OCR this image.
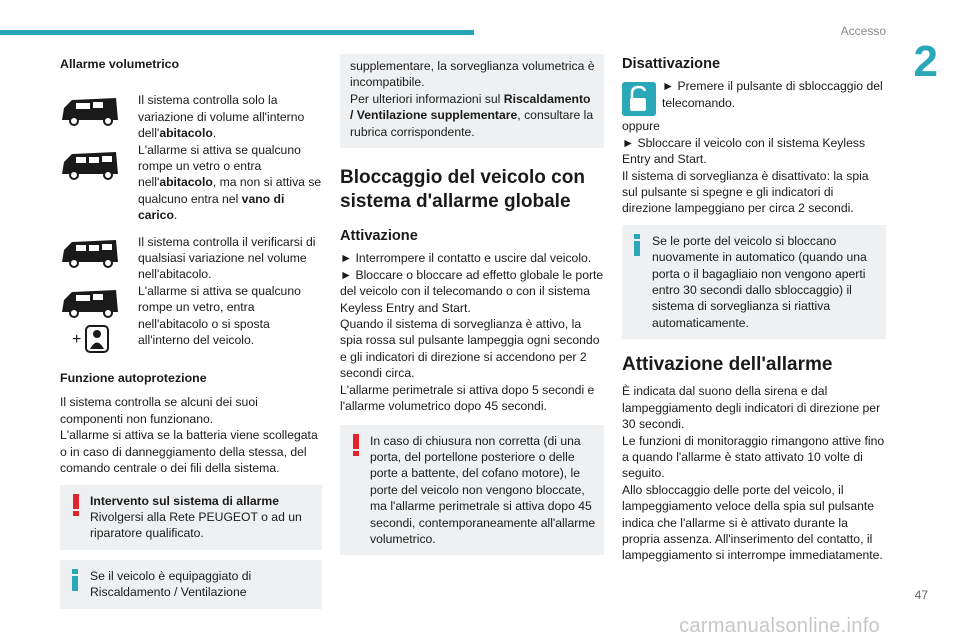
Accesso
2

Allarme volumetrico

Il sistema controlla solo la variazione di volume all'interno dell'abitacolo.

L'allarme si attiva se qualcuno rompe un vetro o entra nell'abitacolo, ma non si attiva se qualcuno entra nel vano di carico.

+

Il sistema controlla il verificarsi di qualsiasi variazione nel volume nell'abitacolo.

L'allarme si attiva se qualcuno rompe un vetro, entra nell'abitacolo o si sposta all'interno del veicolo.

Funzione autoprotezione

Il sistema controlla se alcuni dei suoi componenti non funzionano.

L'allarme si attiva se la batteria viene scollegata o in caso di danneggiamento della stessa, del comando centrale o dei fili della sistema.

Intervento sul sistema di allarme Rivolgersi alla Rete PEUGEOT o ad un riparatore qualificato.
Se il veicolo è equipaggiato di Riscaldamento / Ventilazione

supplementare, la sorveglianza volumetrica è incompatibile.

Per ulteriori informazioni sul Riscaldamento / Ventilazione supplementare, consultare la rubrica corrispondente.

Bloccaggio del veicolo con sistema d'allarme globale

Attivazione

► Interrompere il contatto e uscire dal veicolo.

► Bloccare o bloccare ad effetto globale le porte del veicolo con il telecomando o con il sistema Keyless Entry and Start.

Quando il sistema di sorveglianza è attivo, la spia rossa sul pulsante lampeggia ogni secondo e gli indicatori di direzione si accendono per 2 secondi circa.

L'allarme perimetrale si attiva dopo 5 secondi e l'allarme volumetrico dopo 45 secondi.

In caso di chiusura non corretta (di una porta, del portellone posteriore o delle porte a battente, del cofano motore), le porte del veicolo non vengono bloccate, ma l'allarme perimetrale si attiva dopo 45 secondi, contemporaneamente all'allarme volumetrico.

Disattivazione

► Premere il pulsante di sbloccaggio del telecomando.

oppure

► Sbloccare il veicolo con il sistema Keyless Entry and Start.

Il sistema di sorveglianza è disattivato: la spia sul pulsante si spegne e gli indicatori di direzione lampeggiano per circa 2 secondi.

Se le porte del veicolo si bloccano nuovamente in automatico (quando una porta o il bagagliaio non vengono aperti entro 30 secondi dallo sbloccaggio) il sistema di sorveglianza si riattiva automaticamente.

Attivazione dell'allarme

È indicata dal suono della sirena e dal lampeggiamento degli indicatori di direzione per 30 secondi.

Le funzioni di monitoraggio rimangono attive fino a quando l'allarme è stato attivato 10 volte di seguito.

Allo sbloccaggio delle porte del veicolo, il lampeggiamento veloce della spia sul pulsante indica che l'allarme si è attivato durante la propria assenza. All'inserimento del contatto, il lampeggiamento si interrompe immediatamente.

47
carmanualsonline.info
